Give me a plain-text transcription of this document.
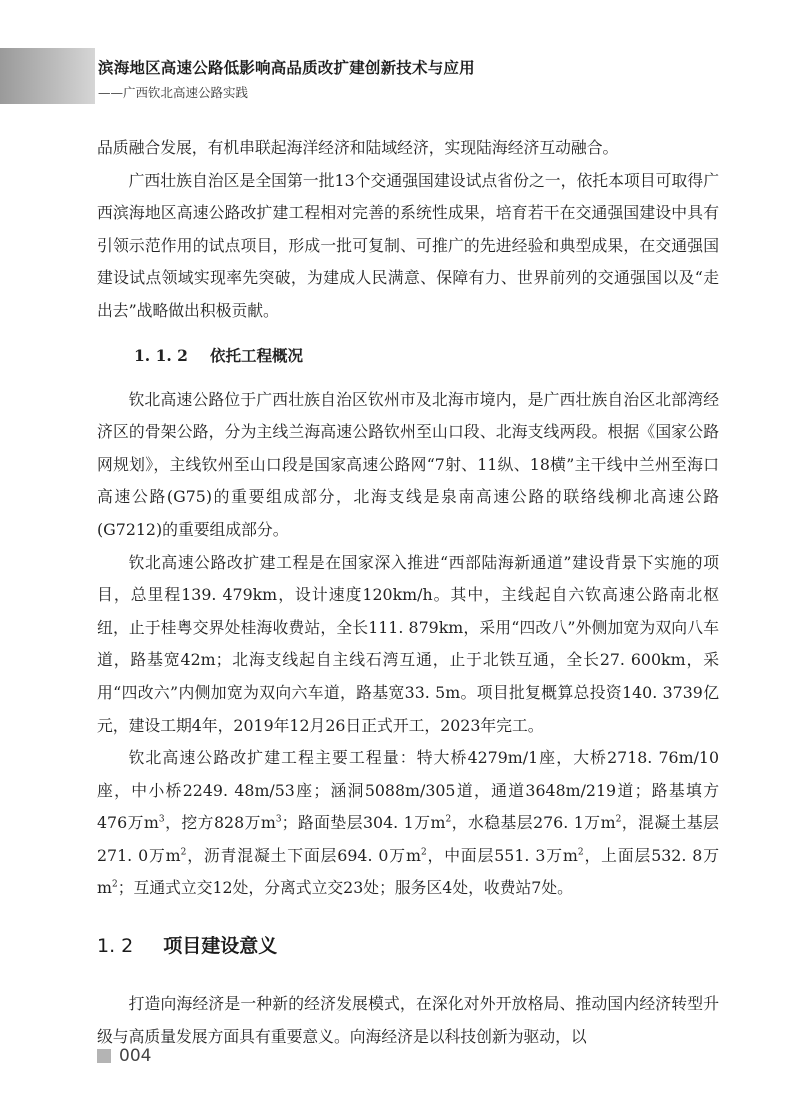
滨海地区高速公路低影响高品质改扩建创新技术与应用
——广西钦北高速公路实践

品质融合发展，有机串联起海洋经济和陆域经济，实现陆海经济互动融合。

广西壮族自治区是全国第一批13个交通强国建设试点省份之一，依托本项目可取得广西滨海地区高速公路改扩建工程相对完善的系统性成果，培育若干在交通强国建设中具有引领示范作用的试点项目，形成一批可复制、可推广的先进经验和典型成果，在交通强国建设试点领域实现率先突破，为建成人民满意、保障有力、世界前列的交通强国以及“走出去”战略做出积极贡献。

1. 1. 2 依托工程概况

钦北高速公路位于广西壮族自治区钦州市及北海市境内，是广西壮族自治区北部湾经济区的骨架公路，分为主线兰海高速公路钦州至山口段、北海支线两段。根据《国家公路网规划》，主线钦州至山口段是国家高速公路网“7射、11纵、18横”主干线中兰州至海口高速公路(G75)的重要组成部分，北海支线是泉南高速公路的联络线柳北高速公路(G7212)的重要组成部分。

钦北高速公路改扩建工程是在国家深入推进“西部陆海新通道”建设背景下实施的项目，总里程139. 479km，设计速度120km/h。其中，主线起自六钦高速公路南北枢纽，止于桂粤交界处桂海收费站，全长111. 879km，采用“四改八”外侧加宽为双向八车道，路基宽42m；北海支线起自主线石湾互通，止于北铁互通，全长27. 600km，采用“四改六”内侧加宽为双向六车道，路基宽33. 5m。项目批复概算总投资140. 3739亿元，建设工期4年，2019年12月26日正式开工，2023年完工。

钦北高速公路改扩建工程主要工程量：特大桥4279m/1座，大桥2718. 76m/10座，中小桥2249. 48m/53座；涵洞5088m/305道，通道3648m/219道；路基填方476万$m^3$，挖方828万$m^3$；路面垫层304. 1万$m^2$，水稳基层276. 1万$m^2$，混凝土基层271. 0万$m^2$，沥青混凝土下面层694. 0万$m^2$，中面层551. 3万$m^2$，上面层532. 8万$m^2$；互通式立交12处，分离式立交23处；服务区4处，收费站7处。

1. 2 项目建设意义

打造向海经济是一种新的经济发展模式，在深化对外开放格局、推动国内经济转型升级与高质量发展方面具有重要意义。向海经济是以科技创新为驱动，以

004
